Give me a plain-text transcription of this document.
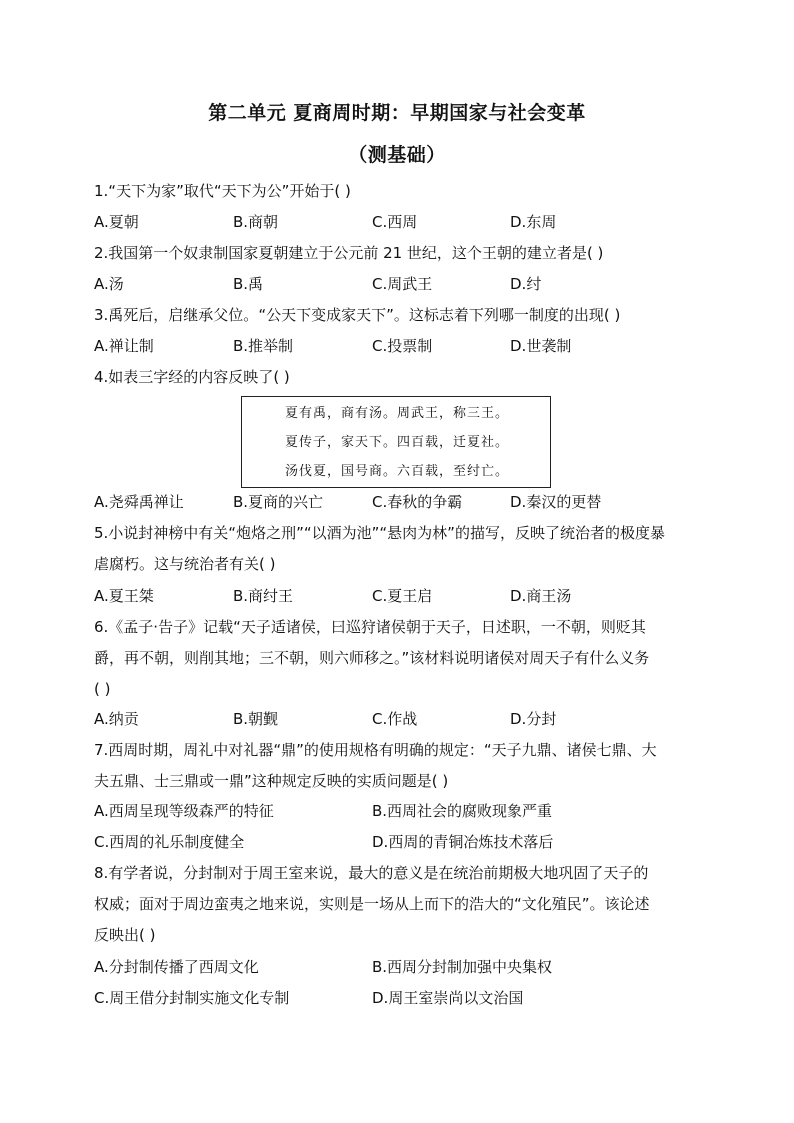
第二单元 夏商周时期：早期国家与社会变革
（测基础）
1.“天下为家”取代“天下为公”开始于( )
A.夏朝	B.商朝	C.西周	D.东周
2.我国第一个奴隶制国家夏朝建立于公元前 21 世纪，这个王朝的建立者是( )
A.汤	B.禹	C.周武王	D.纣
3.禹死后，启继承父位。“公天下变成家天下”。这标志着下列哪一制度的出现( )
A.禅让制	B.推举制	C.投票制	D.世袭制
4.如表三字经的内容反映了( )
夏有禹，商有汤。周武王，称三王。
夏传子，家天下。四百载，迁夏社。
汤伐夏，国号商。六百载，至纣亡。
A.尧舜禹禅让	B.夏商的兴亡	C.春秋的争霸	D.秦汉的更替
5.小说封神榜中有关“炮烙之刑”“以酒为池”“悬肉为林”的描写，反映了统治者的极度暴
虐腐朽。这与统治者有关( )
A.夏王桀	B.商纣王	C.夏王启	D.商王汤
6.《孟子·告子》记载“天子适诸侯，曰巡狩诸侯朝于天子，日述职，一不朝，则贬其
爵，再不朝，则削其地；三不朝，则六师移之。”该材料说明诸侯对周天子有什么义务
( )
A.纳贡	B.朝觐	C.作战	D.分封
7.西周时期，周礼中对礼器“鼎”的使用规格有明确的规定：“天子九鼎、诸侯七鼎、大
夫五鼎、士三鼎或一鼎”这种规定反映的实质问题是( )
A.西周呈现等级森严的特征	B.西周社会的腐败现象严重
C.西周的礼乐制度健全	D.西周的青铜冶炼技术落后
8.有学者说，分封制对于周王室来说，最大的意义是在统治前期极大地巩固了天子的
权威；面对于周边蛮夷之地来说，实则是一场从上而下的浩大的“文化殖民”。该论述
反映出( )
A.分封制传播了西周文化	B.西周分封制加强中央集权
C.周王借分封制实施文化专制	D.周王室崇尚以文治国
